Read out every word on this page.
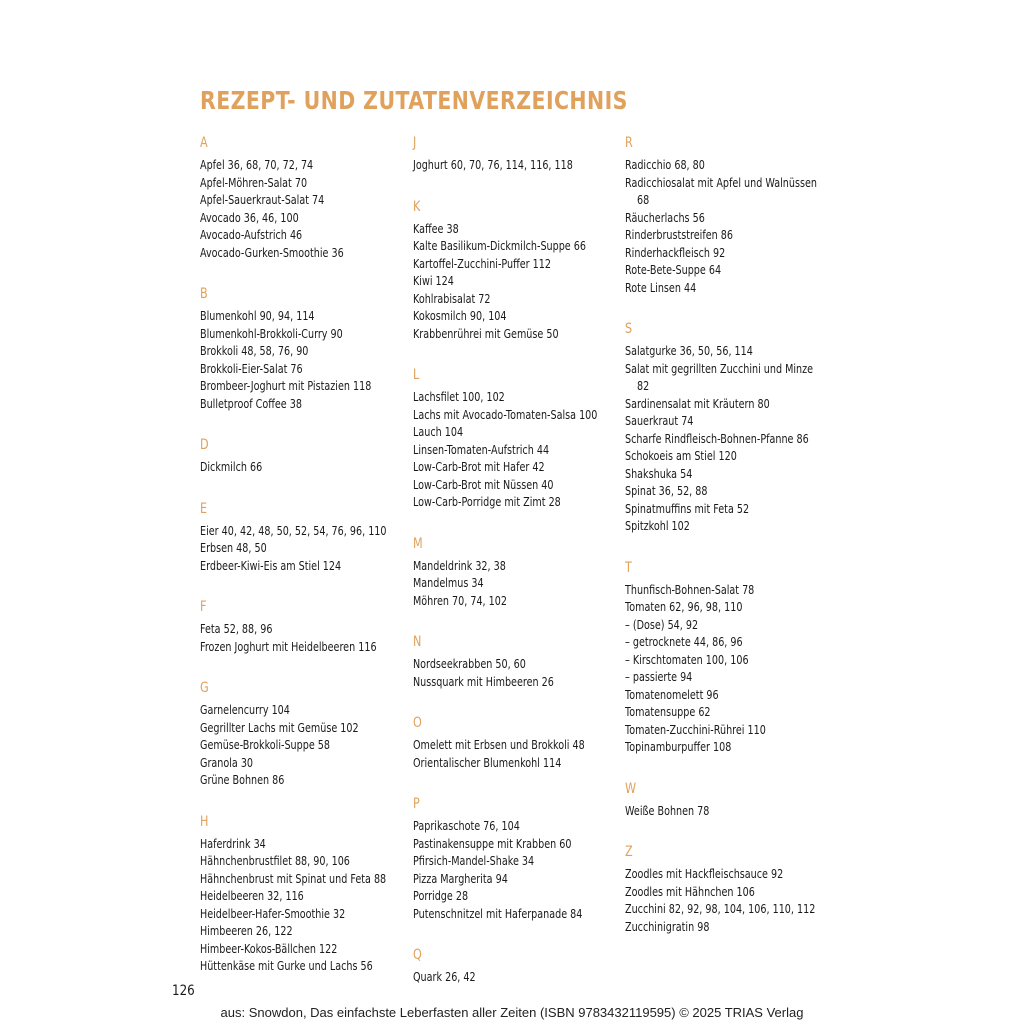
REZEPT- UND ZUTATENVERZEICHNIS
A
Apfel 36, 68, 70, 72, 74
Apfel-Möhren-Salat 70
Apfel-Sauerkraut-Salat 74
Avocado 36, 46, 100
Avocado-Aufstrich 46
Avocado-Gurken-Smoothie 36
B
Blumenkohl 90, 94, 114
Blumenkohl-Brokkoli-Curry 90
Brokkoli 48, 58, 76, 90
Brokkoli-Eier-Salat 76
Brombeer-Joghurt mit Pistazien 118
Bulletproof Coffee 38
D
Dickmilch 66
E
Eier 40, 42, 48, 50, 52, 54, 76, 96, 110
Erbsen 48, 50
Erdbeer-Kiwi-Eis am Stiel 124
F
Feta 52, 88, 96
Frozen Joghurt mit Heidelbeeren 116
G
Garnelencurry 104
Gegrillter Lachs mit Gemüse 102
Gemüse-Brokkoli-Suppe 58
Granola 30
Grüne Bohnen 86
H
Haferdrink 34
Hähnchenbrustfilet 88, 90, 106
Hähnchenbrust mit Spinat und Feta 88
Heidelbeeren 32, 116
Heidelbeer-Hafer-Smoothie 32
Himbeeren 26, 122
Himbeer-Kokos-Bällchen 122
Hüttenkäse mit Gurke und Lachs 56
J
Joghurt 60, 70, 76, 114, 116, 118
K
Kaffee 38
Kalte Basilikum-Dickmilch-Suppe 66
Kartoffel-Zucchini-Puffer 112
Kiwi 124
Kohlrabisalat 72
Kokosmilch 90, 104
Krabbenrührei mit Gemüse 50
L
Lachsfilet 100, 102
Lachs mit Avocado-Tomaten-Salsa 100
Lauch 104
Linsen-Tomaten-Aufstrich 44
Low-Carb-Brot mit Hafer 42
Low-Carb-Brot mit Nüssen 40
Low-Carb-Porridge mit Zimt 28
M
Mandeldrink 32, 38
Mandelmus 34
Möhren 70, 74, 102
N
Nordseekrabben 50, 60
Nussquark mit Himbeeren 26
O
Omelett mit Erbsen und Brokkoli 48
Orientalischer Blumenkohl 114
P
Paprikaschote 76, 104
Pastinakensuppe mit Krabben 60
Pfirsich-Mandel-Shake 34
Pizza Margherita 94
Porridge 28
Putenschnitzel mit Haferpanade 84
Q
Quark 26, 42
R
Radicchio 68, 80
Radicchiosalat mit Apfel und Walnüssen
68
Räucherlachs 56
Rinderbruststreifen 86
Rinderhackfleisch 92
Rote-Bete-Suppe 64
Rote Linsen 44
S
Salatgurke 36, 50, 56, 114
Salat mit gegrillten Zucchini und Minze
82
Sardinensalat mit Kräutern 80
Sauerkraut 74
Scharfe Rindfleisch-Bohnen-Pfanne 86
Schokoeis am Stiel 120
Shakshuka 54
Spinat 36, 52, 88
Spinatmuffins mit Feta 52
Spitzkohl 102
T
Thunfisch-Bohnen-Salat 78
Tomaten 62, 96, 98, 110
– (Dose) 54, 92
– getrocknete 44, 86, 96
– Kirschtomaten 100, 106
– passierte 94
Tomatenomelett 96
Tomatensuppe 62
Tomaten-Zucchini-Rührei 110
Topinamburpuffer 108
W
Weiße Bohnen 78
Z
Zoodles mit Hackfleischsauce 92
Zoodles mit Hähnchen 106
Zucchini 82, 92, 98, 104, 106, 110, 112
Zucchinigratin 98
126
aus: Snowdon, Das einfachste Leberfasten aller Zeiten (ISBN 9783432119595) © 2025 TRIAS Verlag
